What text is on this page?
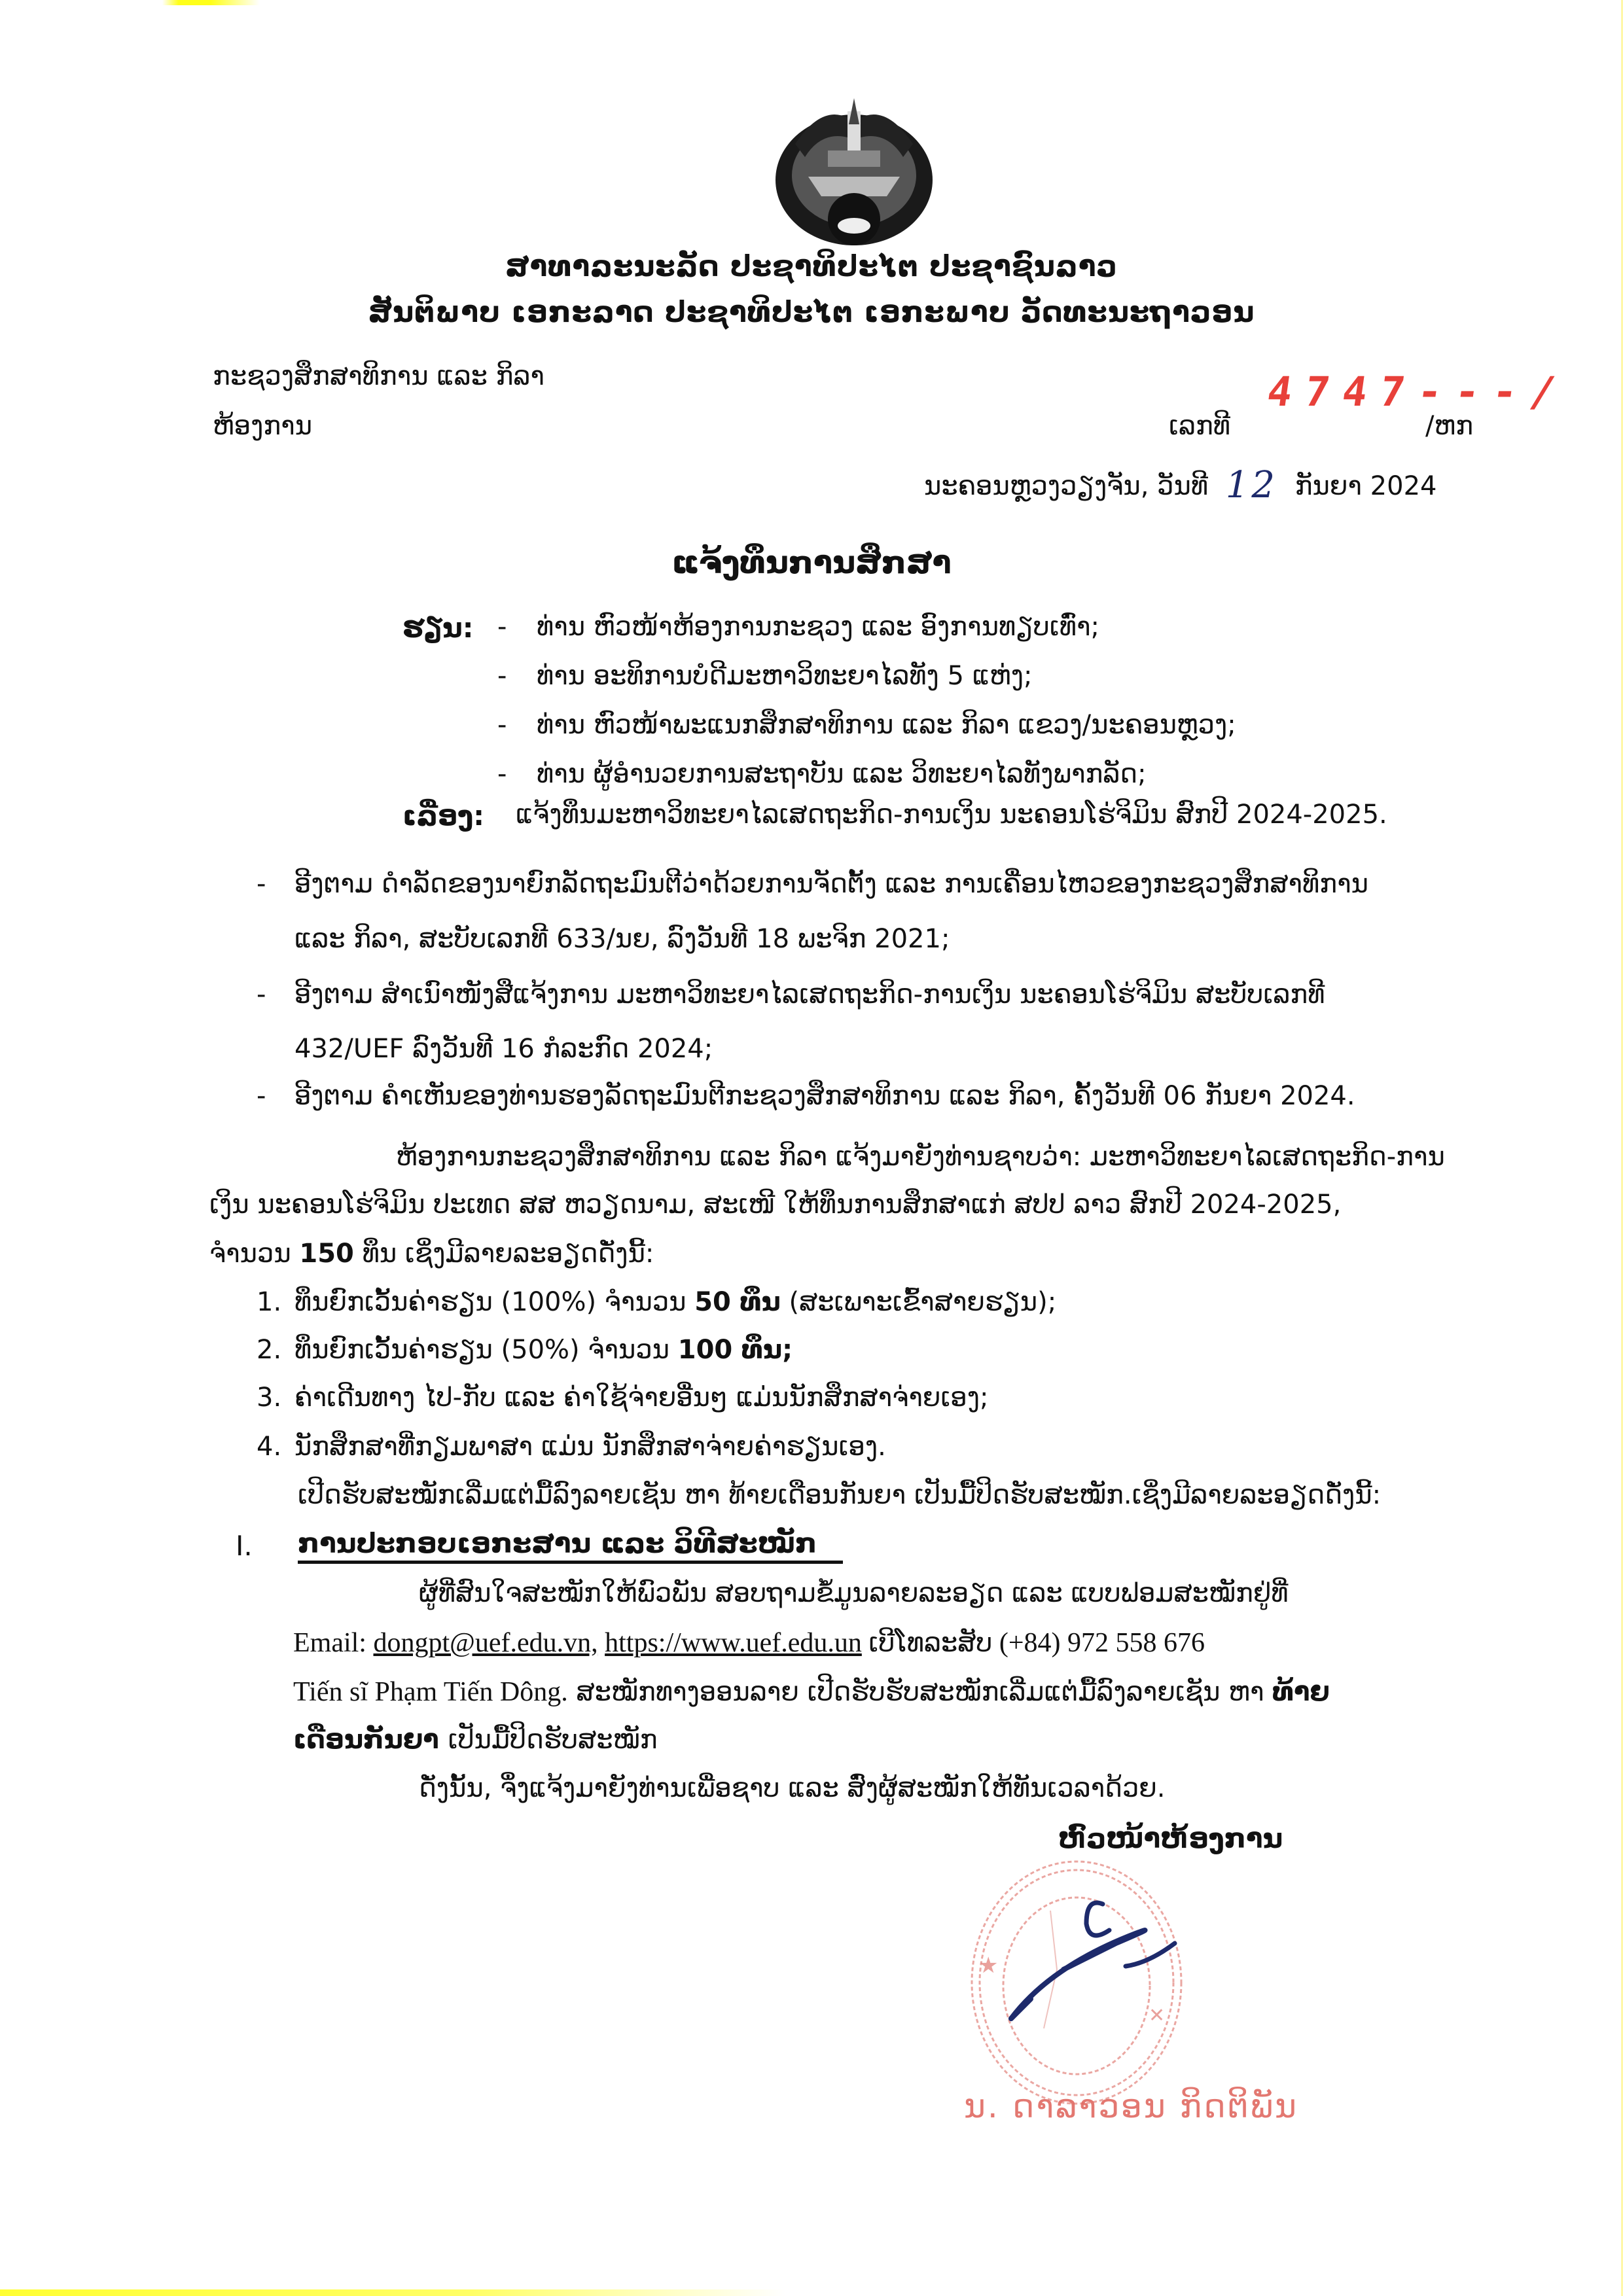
ສາທາລະນະລັດ ປະຊາທິປະໄຕ ປະຊາຊົນລາວ
ສັນຕິພາບ ເອກະລາດ ປະຊາທິປະໄຕ ເອກະພາບ ວັດທະນະຖາວອນ
ກະຊວງສຶກສາທິການ ແລະ ກິລາ
ຫ້ອງການ
4747---/
ເລກທີ	/ຫກ
ນະຄອນຫຼວງວຽງຈັນ, ວັນທີ 12 ກັນຍາ 2024
ແຈ້ງທຶນການສຶກສາ
ຮຽນ: - ທ່ານ ຫົວໜ້າຫ້ອງການກະຊວງ ແລະ ອົງການທຽບເທົ່າ;
- ທ່ານ ອະທິການບໍດີມະຫາວິທະຍາໄລທັງ 5 ແຫ່ງ;
- ທ່ານ ຫົວໜ້າພະແນກສຶກສາທິການ ແລະ ກິລາ ແຂວງ/ນະຄອນຫຼວງ;
- ທ່ານ ຜູ້ອຳນວຍການສະຖາບັນ ແລະ ວິທະຍາໄລທັງພາກລັດ;
ເລື່ອງ: ແຈ້ງທຶນມະຫາວິທະຍາໄລເສດຖະກິດ-ການເງິນ ນະຄອນໂຮ່ຈິມິນ ສົກປີ 2024-2025.
- ອີງຕາມ ດຳລັດຂອງນາຍົກລັດຖະມົນຕີວ່າດ້ວຍການຈັດຕັ້ງ ແລະ ການເຄື່ອນໄຫວຂອງກະຊວງສຶກສາທິການ
ແລະ ກິລາ, ສະບັບເລກທີ 633/ນຍ, ລົງວັນທີ 18 ພະຈິກ 2021;
- ອີງຕາມ ສຳເນົາໜັງສືແຈ້ງການ ມະຫາວິທະຍາໄລເສດຖະກິດ-ການເງິນ ນະຄອນໂຮ່ຈິມິນ ສະບັບເລກທີ
432/UEF ລົງວັນທີ 16 ກໍລະກົດ 2024;
- ອີງຕາມ ຄຳເຫັນຂອງທ່ານຮອງລັດຖະມົນຕີກະຊວງສຶກສາທິການ ແລະ ກິລາ, ຄັ້ງວັນທີ 06 ກັນຍາ 2024.
ຫ້ອງການກະຊວງສຶກສາທິການ ແລະ ກິລາ ແຈ້ງມາຍັງທ່ານຊາບວ່າ: ມະຫາວິທະຍາໄລເສດຖະກິດ-ການ
ເງິນ ນະຄອນໂຮ່ຈິມິນ ປະເທດ ສສ ຫວຽດນາມ, ສະເໜີ ໃຫ້ທຶນການສຶກສາແກ່ ສປປ ລາວ ສົກປີ 2024-2025,
ຈຳນວນ 150 ທຶນ ເຊິ່ງມີລາຍລະອຽດດັ່ງນີ້:
1. ທຶນຍົກເວັ້ນຄ່າຮຽນ (100%) ຈຳນວນ 50 ທຶນ (ສະເພາະເຂົ້າສາຍຮຽນ);
2. ທຶນຍົກເວັ້ນຄ່າຮຽນ (50%) ຈຳນວນ 100 ທຶນ;
3. ຄ່າເດີນທາງ ໄປ-ກັບ ແລະ ຄ່າໃຊ້ຈ່າຍອື່ນໆ ແມ່ນນັກສຶກສາຈ່າຍເອງ;
4. ນັກສຶກສາທີ່ກຽມພາສາ ແມ່ນ ນັກສຶກສາຈ່າຍຄ່າຮຽນເອງ.
ເປີດຮັບສະໝັກເລີ່ມແຕ່ມື້ລົງລາຍເຊັນ ຫາ ທ້າຍເດືອນກັນຍາ ເປັນມື້ປິດຮັບສະໝັກ.ເຊິ່ງມີລາຍລະອຽດດັ່ງນີ້:
I. ການປະກອບເອກະສານ ແລະ ວິທີສະໝັກ
ຜູ້ທີ່ສົນໃຈສະໝັກໃຫ້ພົວພັນ ສອບຖາມຂໍ້ມູນລາຍລະອຽດ ແລະ ແບບຟອມສະໝັກຢູ່ທີ່
Email: dongpt@uef.edu.vn, https://www.uef.edu.un ເບີໂທລະສັບ (+84) 972 558 676
Tiến sĩ Phạm Tiến Dông. ສະໝັກທາງອອນລາຍ ເປີດຮັບຮັບສະໝັກເລີ່ມແຕ່ມື້ລົງລາຍເຊັນ ຫາ ທ້າຍ
ເດືອນກັນຍາ ເປັນມື້ປິດຮັບສະໝັກ
ດັ່ງນັ້ນ, ຈຶ່ງແຈ້ງມາຍັງທ່ານເພື່ອຊາບ ແລະ ສົ່ງຜູ້ສະໝັກໃຫ້ທັນເວລາດ້ວຍ.
ຫົວໜ້າຫ້ອງການ
★
✕
ນ. ດາລາວອນ ກິດຕິພັນ
